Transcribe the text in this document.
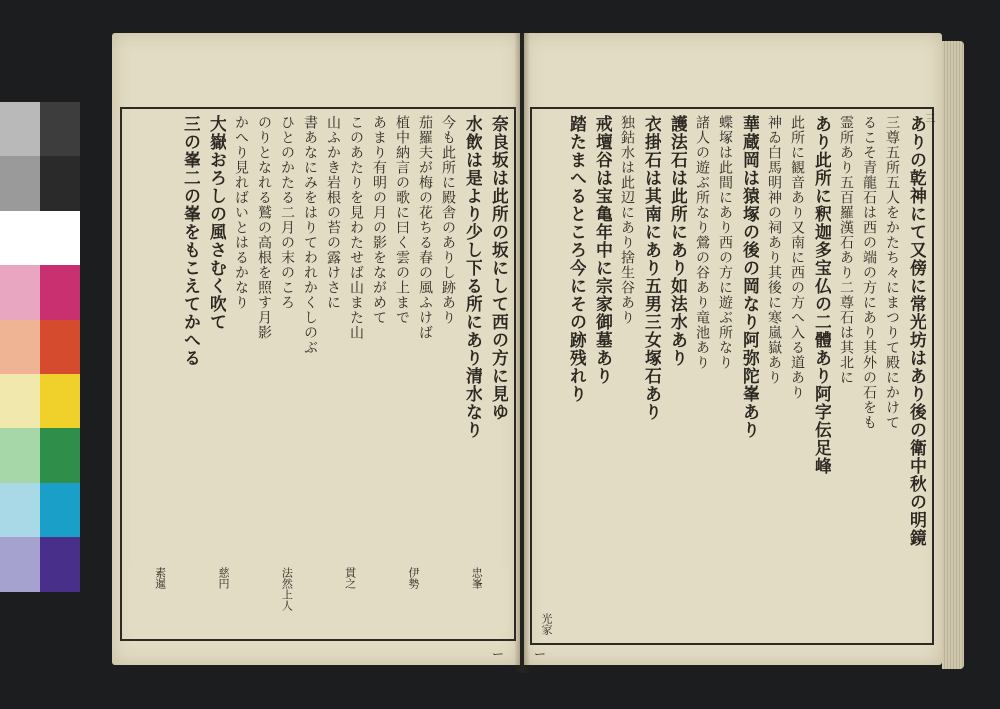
奈良坂は此所の坂にして西の方に見ゆ
水飲は是より少し下る所にあり清水なり
今も此所に殿舎のありし跡あり
茄羅夫が梅の花ちる春の風ふけば
植中納言の歌に曰く雲の上まで
あまり有明の月の影をながめて
このあたりを見わたせば山また山
山ふかき岩根の苔の露けさに
書あなにみをはりてわれかくしのぶ
ひとのかたる二月の末のころ
のりとなれる鷲の高根を照す月影
かへり見ればいとはるかなり
大嶽おろしの風さむく吹て
三の峯二の峯をもこえてかへる
忠峯
伊勢
貫之
法然上人
慈円
素暹
ー
三
ありの乾神にて又傍に常光坊はあり後の衛中秋の明鏡
三尊五所五人をかたち々にまつりて殿にかけて
るこそ青龍石は西の端の方にあり其外の石をも
霊所あり五百羅漢石あり二尊石は其北に
あり此所に釈迦多宝仏の二體あり阿字伝足峰
此所に観音あり又南に西の方へ入る道あり
神ゐ白馬明神の祠あり其後に寒嵐嶽あり
華蔵岡は猿塚の後の岡なり阿弥陀峯あり
蝶塚は此間にあり西の方に遊ぶ所なり
諸人の遊ぶ所なり鶯の谷あり竜池あり
護法石は此所にあり如法水あり
衣掛石は其南にあり五男三女塚石あり
独鈷水は此辺にあり捨生谷あり
戒壇谷は宝亀年中に宗家御墓あり
踏たまへるところ今にその跡残れり
光家
ー
